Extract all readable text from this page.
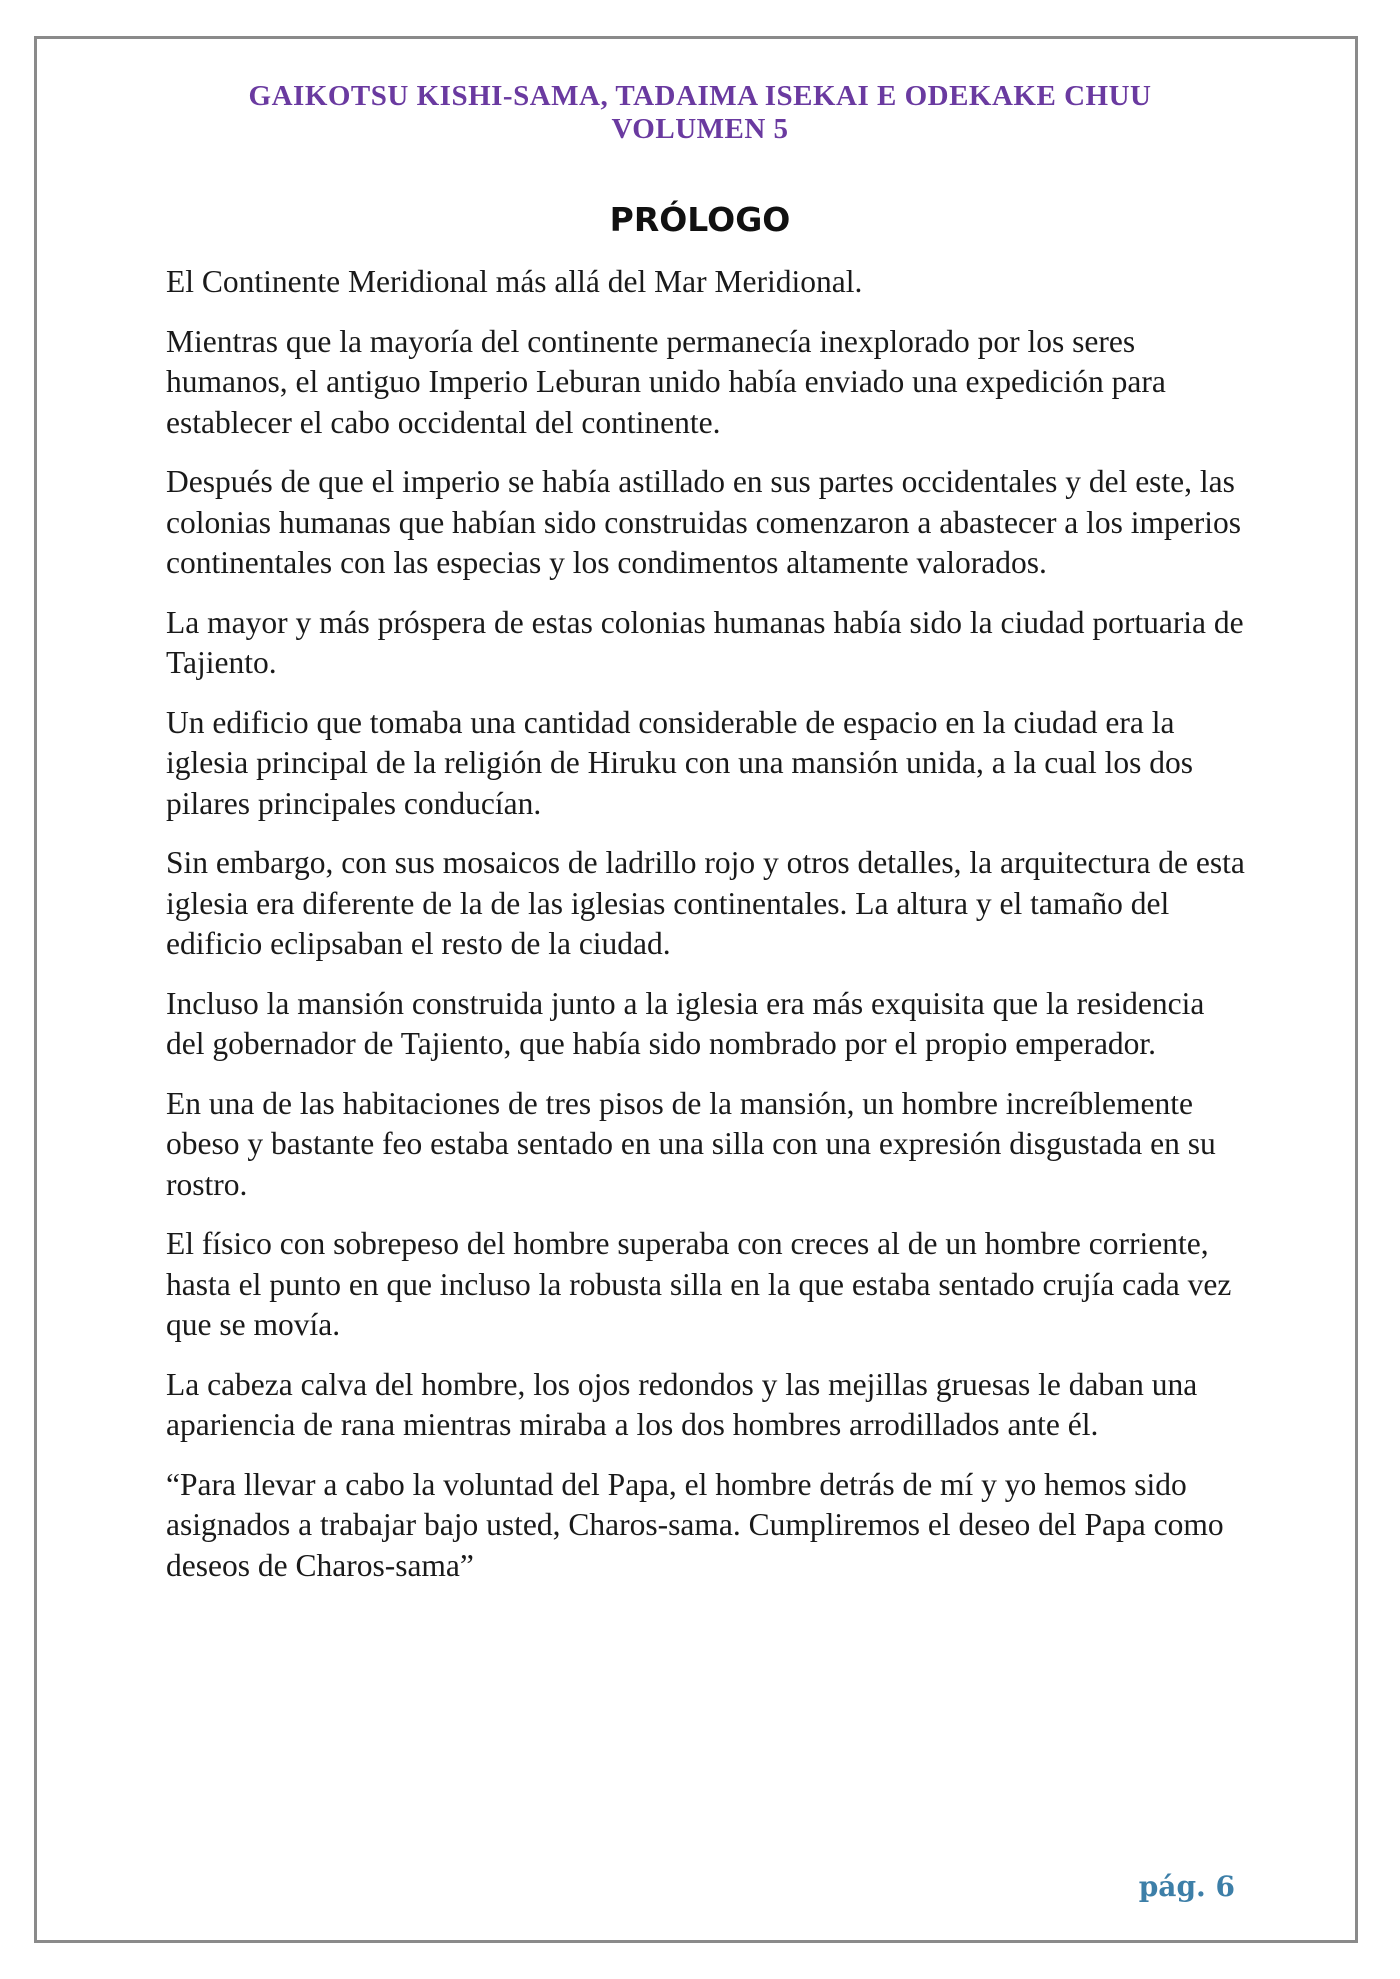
GAIKOTSU KISHI-SAMA, TADAIMA ISEKAI E ODEKAKE CHUU
VOLUMEN 5
PRÓLOGO

El Continente Meridional más allá del Mar Meridional.

Mientras que la mayoría del continente permanecía inexplorado por los seres humanos, el antiguo Imperio Leburan unido había enviado una expedición para establecer el cabo occidental del continente.

Después de que el imperio se había astillado en sus partes occidentales y del este, las colonias humanas que habían sido construidas comenzaron a abastecer a los imperios continentales con las especias y los condimentos altamente valorados.

La mayor y más próspera de estas colonias humanas había sido la ciudad portuaria de Tajiento.

Un edificio que tomaba una cantidad considerable de espacio en la ciudad era la iglesia principal de la religión de Hiruku con una mansión unida, a la cual los dos pilares principales conducían.

Sin embargo, con sus mosaicos de ladrillo rojo y otros detalles, la arquitectura de esta iglesia era diferente de la de las iglesias continentales. La altura y el tamaño del edificio eclipsaban el resto de la ciudad.

Incluso la mansión construida junto a la iglesia era más exquisita que la residencia del gobernador de Tajiento, que había sido nombrado por el propio emperador.

En una de las habitaciones de tres pisos de la mansión, un hombre increíblemente obeso y bastante feo estaba sentado en una silla con una expresión disgustada en su rostro.

El físico con sobrepeso del hombre superaba con creces al de un hombre corriente, hasta el punto en que incluso la robusta silla en la que estaba sentado crujía cada vez que se movía.

La cabeza calva del hombre, los ojos redondos y las mejillas gruesas le daban una apariencia de rana mientras miraba a los dos hombres arrodillados ante él.

“Para llevar a cabo la voluntad del Papa, el hombre detrás de mí y yo hemos sido asignados a trabajar bajo usted, Charos-sama. Cumpliremos el deseo del Papa como deseos de Charos-sama”

pág. 6
